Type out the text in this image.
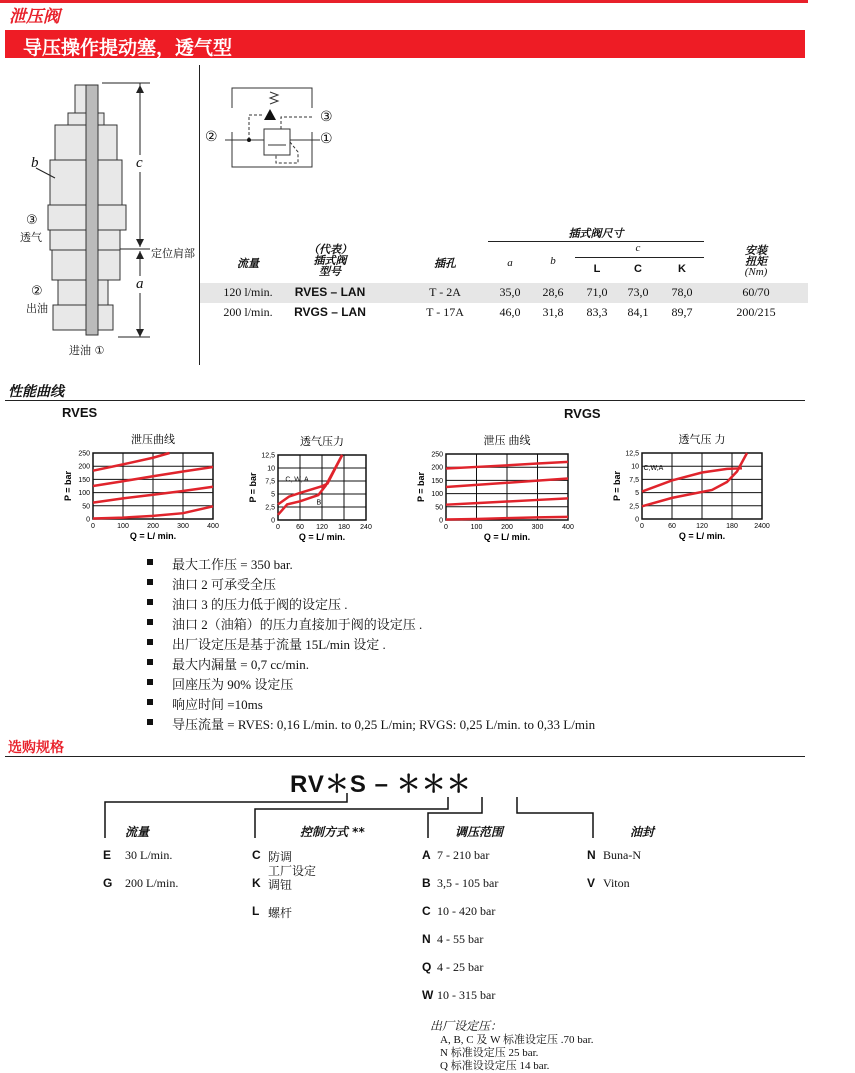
泄压阀
导压操作提动塞，透气型
b	c
a
③
透气
②
出油
进油 ①
定位肩部
②
③
①
插式阀尺寸
c
流量
（代表）
插式阀
型号
插孔	a	b
L	C	K
安装
扭矩
(Nm)
120 l/min.	RVES – LAN	T - 2A	35,0	28,6	71,0	73,0	78,0	60/70
200 l/min.	RVGS – LAN	T - 17A	46,0	31,8	83,3	84,1	89,7	200/215
性能曲线
RVES	RVGS
0	100	200	300	400
0
50
100
150
200
250
泄压曲线
Q = L/ min.
P = bar
0 60 120 180 240
0
2,5
5
7,5
10
12,5
透气压力
Q = L/ min.
P = bar	C, W, A
B
0	100	200	300	400
0
50
100
150
200
250
泄压 曲线
Q = L/ min.
P = bar
0	60	120	180 2400
0
2,5
5
7,5
10
12,5
透气压 力
Q = L/ min.
P = bar
C,W,A
最大工作压 = 350 bar.
油口 2 可承受全压
油口 3 的压力低于阀的设定压 .
油口 2（油箱）的压力直接加于阀的设定压 .
出厂设定压是基于流量 15L/min 设定 .
最大内漏量 = 0,7 cc/min.
回座压为 90% 设定压
响应时间 =10ms
导压流量 = RVES: 0,16 L/min. to 0,25 L/min; RVGS: 0,25 L/min. to 0,33 L/min
选购规格
RV＊S – ＊＊＊
流量
E 30 L/min.
G 200 L/min.
控制方式 **
C 防调
工厂设定
K 调钮
L 螺杆
调压范围
A 7 - 210 bar
B 3,5 - 105 bar
C 10 - 420 bar
N 4 - 55 bar
Q 4 - 25 bar
W 10 - 315 bar
油封
N Buna-N
V Viton
出厂设定压：
A, B, C 及 W 标准设定压 .70 bar.
N 标准设定压 25 bar.
Q 标准设设定压 14 bar.
